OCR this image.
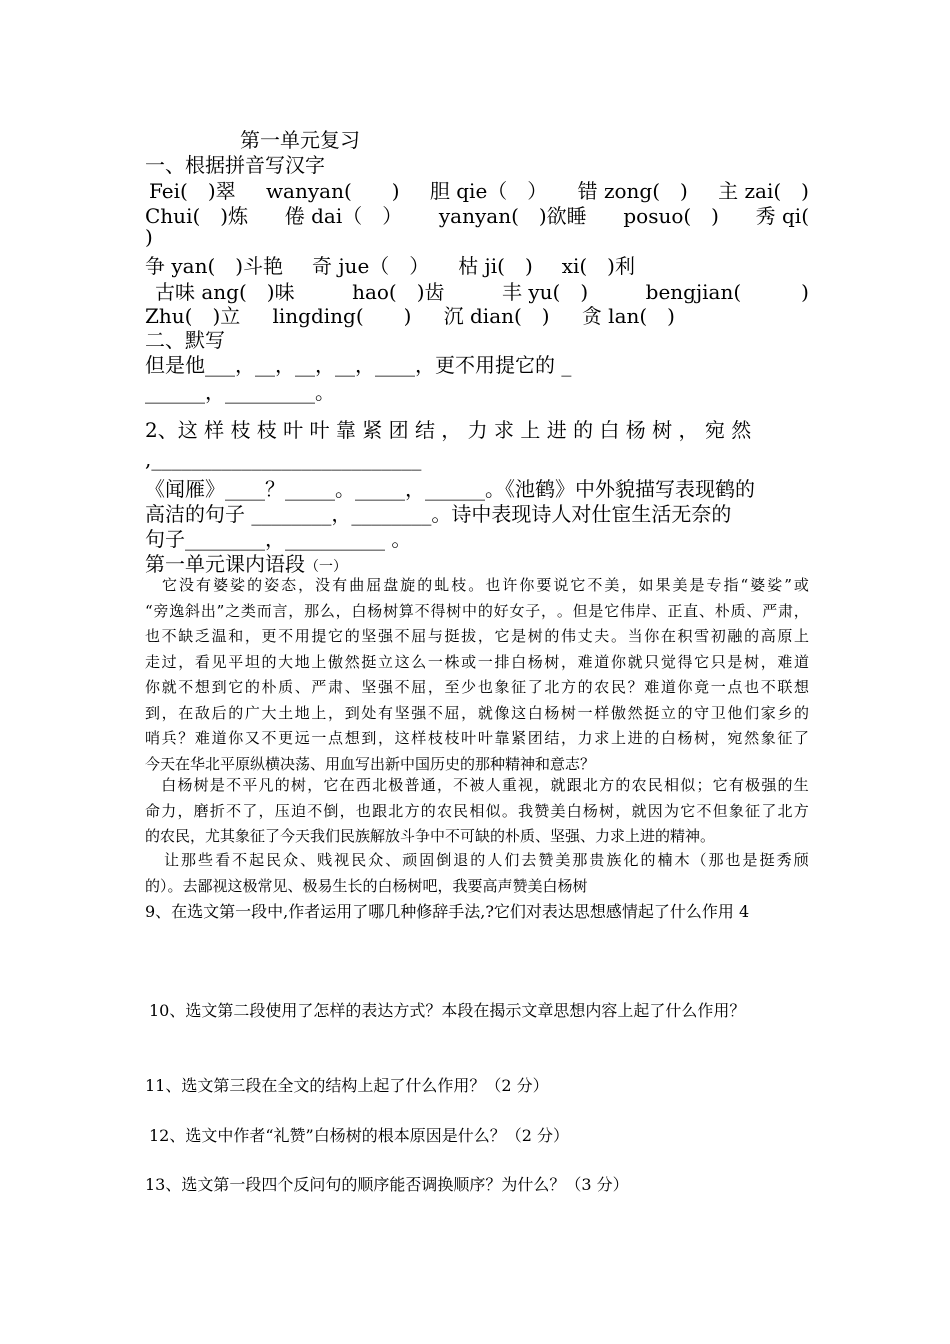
第一单元复习
一、根据拼音写汉字
Fei(　)翠 wanyan(　　) 胆 qie（　） 错 zong(　) 主 zai(　)
Chui(　)炼 倦 dai（　） yanyan(　)欲睡 posuo(　) 秀 qi(
)
争 yan(　)斗艳 奇 jue（　） 枯 ji(　) xi(　)利
古味 ang(　)味	hao(　)齿	丰 yu(　)	bengjian(　　　)
Zhu(　)立 lingding(　　) 沉 dian(　) 贪 lan(　)
二、默写
但是他___，__，__，__，____，更不用提它的 _
______，_________。
2、这 样 枝 枝 叶 叶 靠 紧 团 结 ， 力 求 上 进 的 白 杨 树 ， 宛 然
,___________________________
《闻雁》____？_____。_____，______。《池鹤》中外貌描写表现鹤的
高洁的句子 ________，________。诗中表现诗人对仕宦生活无奈的
句子________，__________ 。
第一单元课内语段（一）

它 没 有 婆 娑 的 姿 态 ， 没 有 曲 屈 盘 旋 的 虬 枝 。 也 许 你 要 说 它 不 美 ， 如 果 美 是 专 指 “ 婆 娑 ” 或
“ 旁 逸 斜 出 ” 之 类 而 言 ， 那 么 ， 白 杨 树 算 不 得 树 中 的 好 女 子 ， 。 但 是 它 伟 岸 、 正 直 、 朴 质 、 严 肃 ，
也 不 缺 乏 温 和 ， 更 不 用 提 它 的 坚 强 不 屈 与 挺 拔 ， 它 是 树 的 伟 丈 夫 。 当 你 在 积 雪 初 融 的 高 原 上
走 过 ， 看 见 平 坦 的 大 地 上 傲 然 挺 立 这 么 一 株 或 一 排 白 杨 树 ， 难 道 你 就 只 觉 得 它 只 是 树 ， 难 道
你 就 不 想 到 它 的 朴 质 、 严 肃 、 坚 强 不 屈 ， 至 少 也 象 征 了 北 方 的 农 民 ？ 难 道 你 竟 一 点 也 不 联 想
到 ， 在 敌 后 的 广 大 土 地 上 ， 到 处 有 坚 强 不 屈 ， 就 像 这 白 杨 树 一 样 傲 然 挺 立 的 守 卫 他 们 家 乡 的
哨 兵 ？ 难 道 你 又 不 更 远 一 点 想 到 ， 这 样 枝 枝 叶 叶 靠 紧 团 结 ， 力 求 上 进 的 白 杨 树 ， 宛 然 象 征 了
今天在华北平原纵横决荡、用血写出新中国历史的那种精神和意志？

白 杨 树 是 不 平 凡 的 树 ， 它 在 西 北 极 普 通 ， 不 被 人 重 视 ， 就 跟 北 方 的 农 民 相 似 ； 它 有 极 强 的 生
命 力 ， 磨 折 不 了 ， 压 迫 不 倒 ， 也 跟 北 方 的 农 民 相 似 。 我 赞 美 白 杨 树 ， 就 因 为 它 不 但 象 征 了 北 方
的农民，尤其象征了今天我们民族解放斗争中不可缺的朴质、坚强、力求上进的精神。

让 那 些 看 不 起 民 众 、 贱 视 民 众 、 顽 固 倒 退 的 人 们 去 赞 美 那 贵 族 化 的 楠 木 （ 那 也 是 挺 秀 颀
的）。去鄙视这极常见、极易生长的白杨树吧，我要高声赞美白杨树
9、在选文第一段中,作者运用了哪几种修辞手法,?它们对表达思想感情起了什么作用 4
10、选文第二段使用了怎样的表达方式？本段在揭示文章思想内容上起了什么作用？
11、选文第三段在全文的结构上起了什么作用？（2 分）
12、选文中作者“礼赞”白杨树的根本原因是什么？（2 分）
13、选文第一段四个反问句的顺序能否调换顺序？为什么？（3 分）
